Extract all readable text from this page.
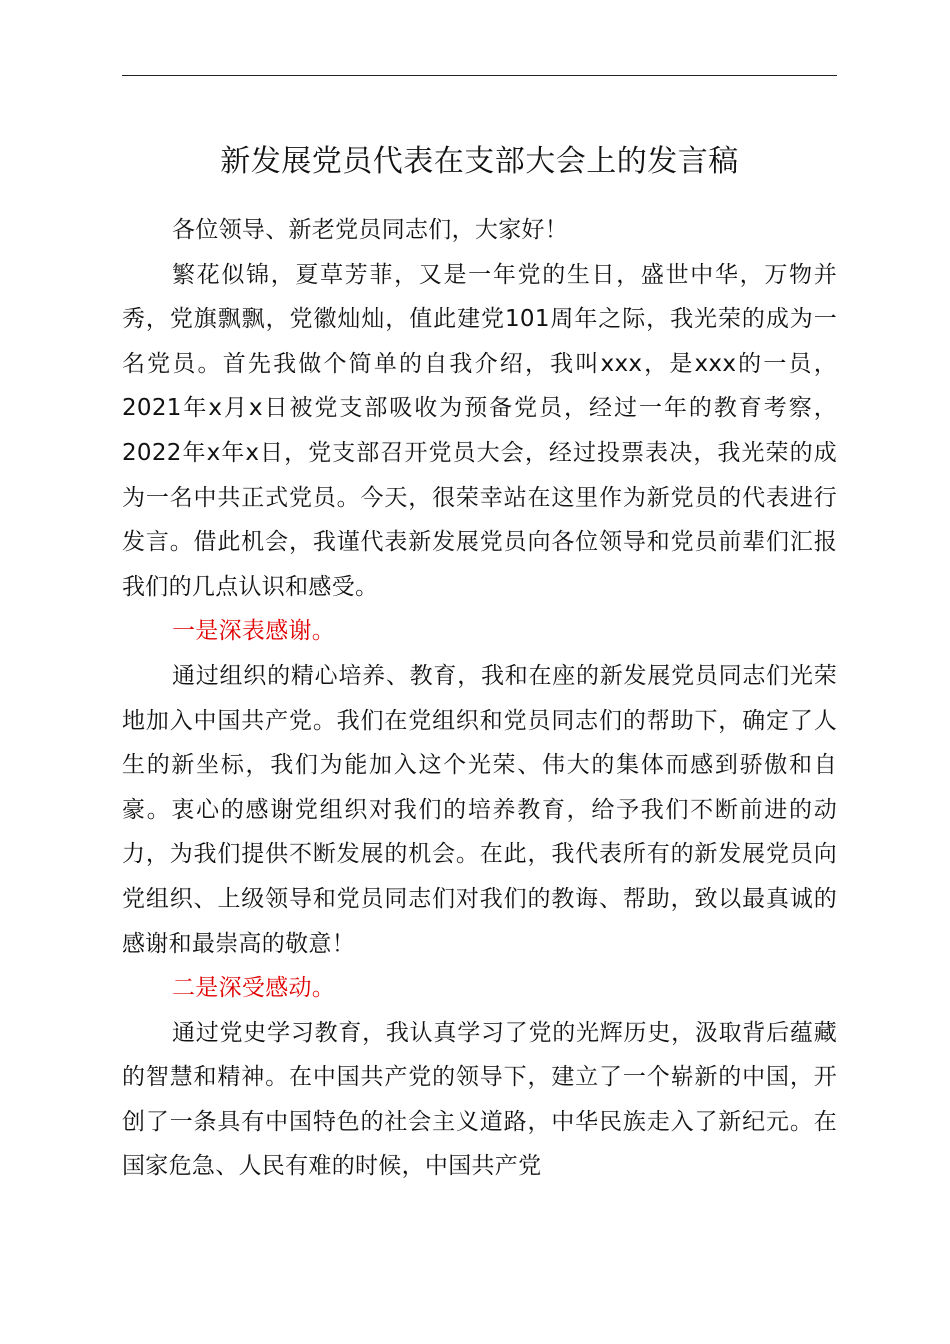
新发展党员代表在支部大会上的发言稿

各位领导、新老党员同志们，大家好！

繁花似锦，夏草芳菲，又是一年党的生日，盛世中华，万物并秀，党旗飘飘，党徽灿灿，值此建党101周年之际，我光荣的成为一名党员。首先我做个简单的自我介绍，我叫xxx，是xxx的一员，2021年x月x日被党支部吸收为预备党员，经过一年的教育考察，2022年x年x日，党支部召开党员大会，经过投票表决，我光荣的成为一名中共正式党员。今天，很荣幸站在这里作为新党员的代表进行发言。借此机会，我谨代表新发展党员向各位领导和党员前辈们汇报我们的几点认识和感受。

一是深表感谢。

通过组织的精心培养、教育，我和在座的新发展党员同志们光荣地加入中国共产党。我们在党组织和党员同志们的帮助下，确定了人生的新坐标，我们为能加入这个光荣、伟大的集体而感到骄傲和自豪。衷心的感谢党组织对我们的培养教育，给予我们不断前进的动力，为我们提供不断发展的机会。在此，我代表所有的新发展党员向党组织、上级领导和党员同志们对我们的教诲、帮助，致以最真诚的感谢和最崇高的敬意！

二是深受感动。

通过党史学习教育，我认真学习了党的光辉历史，汲取背后蕴藏的智慧和精神。在中国共产党的领导下，建立了一个崭新的中国，开创了一条具有中国特色的社会主义道路，中华民族走入了新纪元。在国家危急、人民有难的时候，中国共产党
